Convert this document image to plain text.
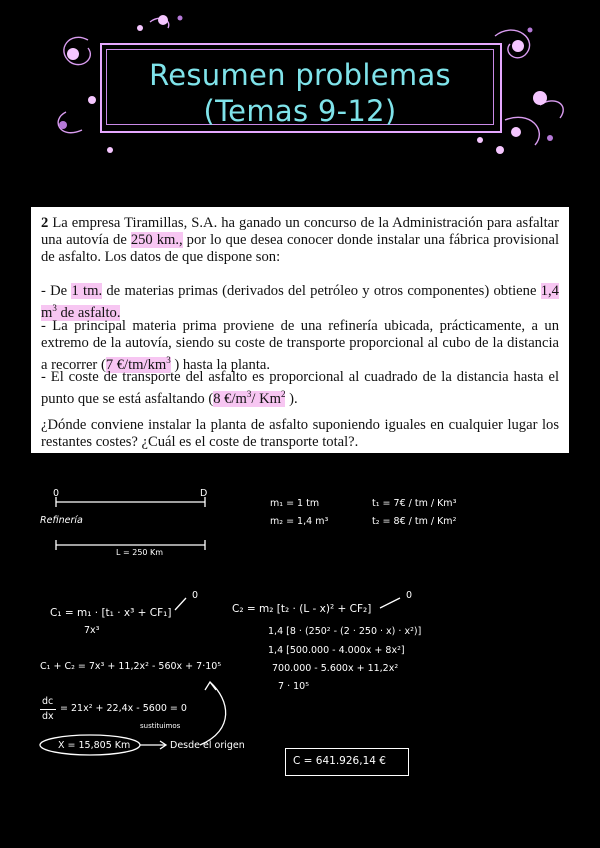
Resumen problemas
(Temas 9-12)

2 La empresa Tiramillas, S.A. ha ganado un concurso de la Administración para asfaltar una autovía de 250 km., por lo que desea conocer donde instalar una fábrica provisional de asfalto. Los datos de que dispone son:

- De 1 tm. de materias primas (derivados del petróleo y otros componentes) obtiene 1,4 $m^3$ de asfalto.

- La principal materia prima proviene de una refinería ubicada, prácticamente, a un extremo de la autovía, siendo su coste de transporte proporcional al cubo de la distancia a recorrer (7 $€/tm/km^3$ ) hasta la planta.

- El coste de transporte del asfalto es proporcional al cuadrado de la distancia hasta el punto que se está asfaltando (8 $€/m^3/$ Km$^2$ ).

¿Dónde conviene instalar la planta de asfalto suponiendo iguales en cualquier lugar los restantes costes? ¿Cuál es el coste de transporte total?.

0	D
Refinería
L = 250 Km
m₁ = 1 tm
m₂ = 1,4 m³
t₁ = 7€ / tm / Km³
t₂ = 8€ / tm / Km²
C₁ = m₁ · [t₁ · x³ + CF₁]
0
7x³
C₂ = m₂ [t₂ · (L - x)² + CF₂]
0
1,4 [8 · (250² - (2 · 250 · x) · x²)]
1,4 [500.000 - 4.000x + 8x²]
700.000 - 5.600x + 11,2x²
7 · 10⁵
C₁ + C₂ = 7x³ + 11,2x² - 560x + 7·10⁵
dc
dx
= 21x² + 22,4x - 5600 = 0
sustituimos
X = 15,805 Km	Desde el origen
C = 641.926,14 €
